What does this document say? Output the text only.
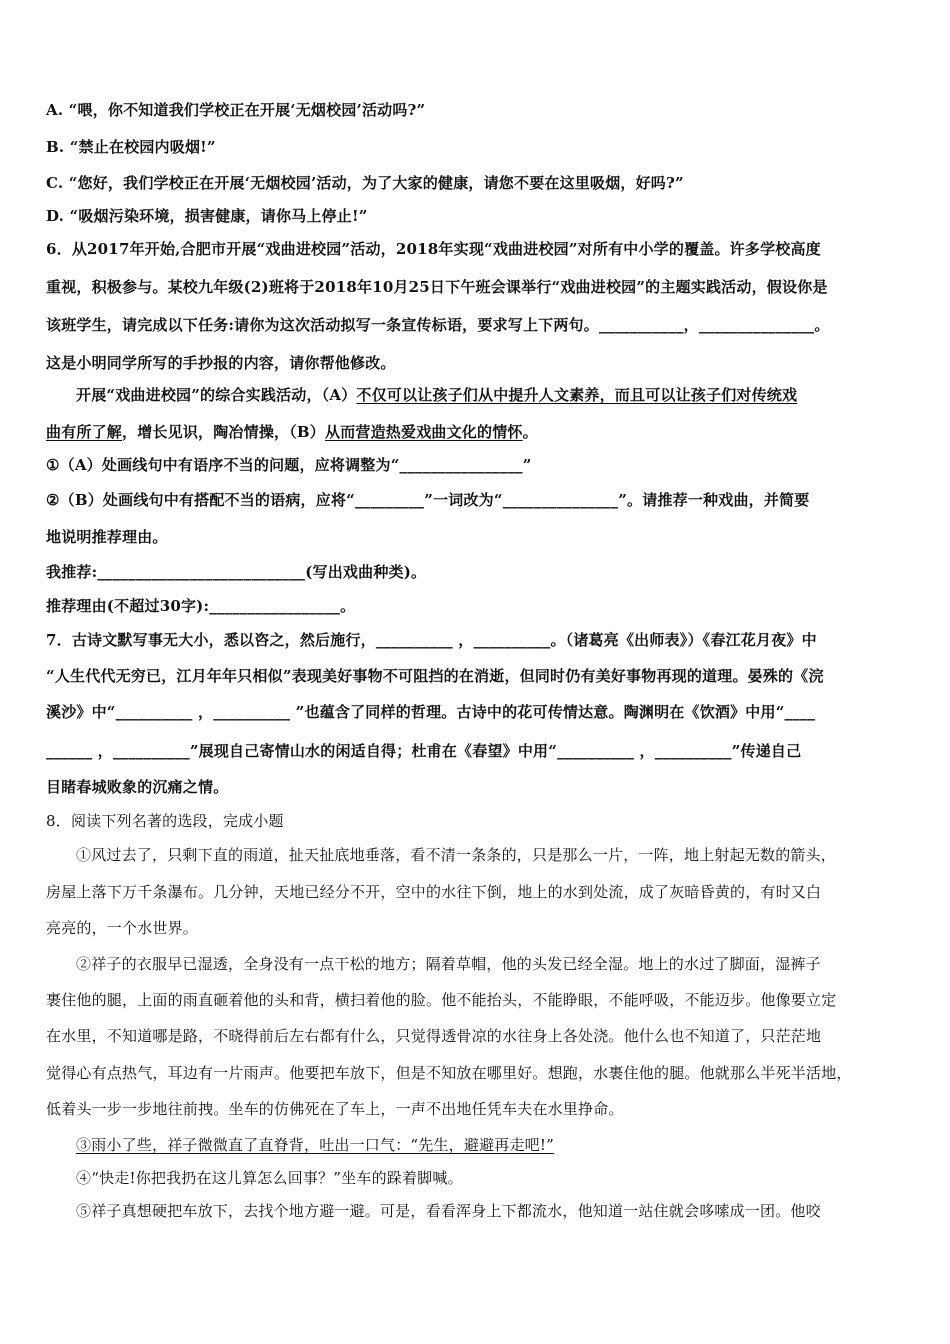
A. “喂，你不知道我们学校正在开展‘无烟校园’活动吗?”
B. “禁止在校园内吸烟!”
C. “您好，我们学校正在开展‘无烟校园’活动，为了大家的健康，请您不要在这里吸烟，好吗?”
D. “吸烟污染环境，损害健康，请你马上停止!”
6．从2017年开始,合肥市开展“戏曲进校园”活动，2018年实现“戏曲进校园”对所有中小学的覆盖。许多学校高度
重视，积极参与。某校九年级(2)班将于2018年10月25日下午班会课举行“戏曲进校园”的主题实践活动，假设你是
该班学生，请完成以下任务:请你为这次活动拟写一条宣传标语，要求写上下两句。___________，_______________。
这是小明同学所写的手抄报的内容，请你帮他修改。
开展“戏曲进校园”的综合实践活动，（A）不仅可以让孩子们从中提升人文素养，而且可以让孩子们对传统戏
曲有所了解，增长见识，陶冶情操，（B）从而营造热爱戏曲文化的情怀。
①（A）处画线句中有语序不当的问题，应将调整为“________________”
②（B）处画线句中有搭配不当的语病，应将“_________”一词改为“_______________”。请推荐一种戏曲，并简要
地说明推荐理由。
我推荐:___________________________(写出戏曲种类)。
推荐理由(不超过30字):_________________。
7．古诗文默写事无大小，悉以咨之，然后施行，__________ ，__________。（诸葛亮《出师表》）《春江花月夜》中
“人生代代无穷已，江月年年只相似”表现美好事物不可阻挡的在消逝，但同时仍有美好事物再现的道理。晏殊的《浣
溪沙》中“__________ ，__________ ”也蕴含了同样的哲理。古诗中的花可传情达意。陶渊明在《饮酒》中用“____
______ ，__________”展现自己寄情山水的闲适自得；杜甫在《春望》中用“__________ ，__________”传递自己
目睹春城败象的沉痛之情。
8．阅读下列名著的选段，完成小题
①风过去了，只剩下直的雨道，扯天扯底地垂落，看不清一条条的，只是那么一片，一阵，地上射起无数的箭头，
房屋上落下万千条瀑布。几分钟，天地已经分不开，空中的水往下倒，地上的水到处流，成了灰暗昏黄的，有时又白
亮亮的，一个水世界。
②祥子的衣服早已湿透，全身没有一点干松的地方；隔着草帽，他的头发已经全湿。地上的水过了脚面，湿裤子
裹住他的腿，上面的雨直砸着他的头和背，横扫着他的脸。他不能抬头，不能睁眼，不能呼吸，不能迈步。他像要立定
在水里，不知道哪是路，不晓得前后左右都有什么，只觉得透骨凉的水往身上各处浇。他什么也不知道了，只茫茫地
觉得心有点热气，耳边有一片雨声。他要把车放下，但是不知放在哪里好。想跑，水裹住他的腿。他就那么半死半活地，
低着头一步一步地往前拽。坐车的仿佛死在了车上，一声不出地任凭车夫在水里挣命。
③雨小了些，祥子微微直了直脊背，吐出一口气：“先生，避避再走吧!”
④“快走!你把我扔在这儿算怎么回事？”坐车的跺着脚喊。
⑤祥子真想硬把车放下，去找个地方避一避。可是，看看浑身上下都流水，他知道一站住就会哆嗦成一团。他咬
